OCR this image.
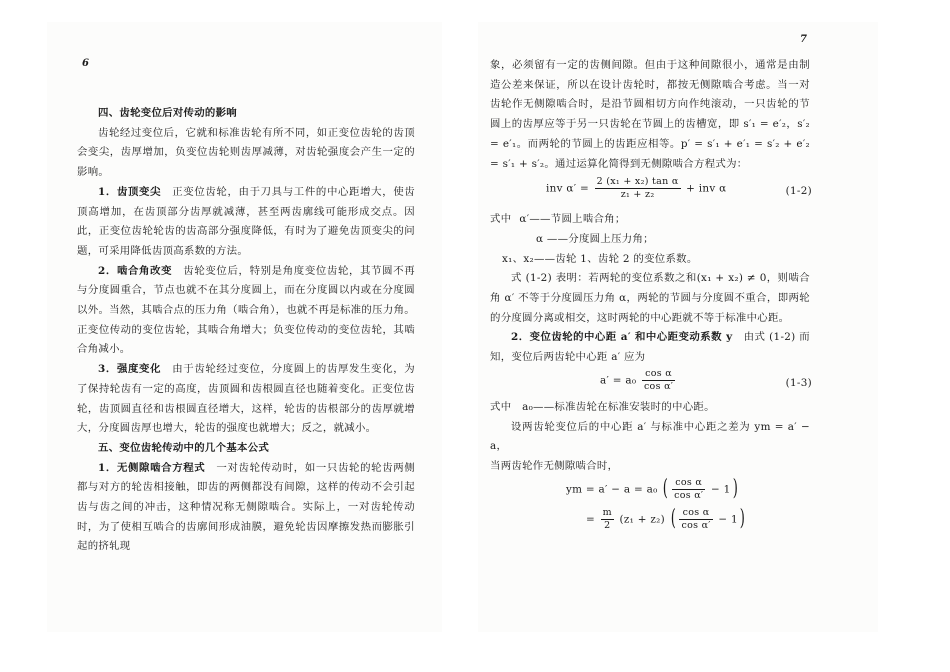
6

四、齿轮变位后对传动的影响

齿轮经过变位后，它就和标准齿轮有所不同，如正变位齿轮的齿顶会变尖，齿厚增加，负变位齿轮则齿厚减薄，对齿轮强度会产生一定的影响。

1．齿顶变尖　 正变位齿轮，由于刀具与工件的中心距增大，使齿顶高增加，在齿顶部分齿厚就减薄，甚至两齿廓线可能形成交点。因此，正变位齿轮轮齿的齿高部分强度降低，有时为了避免齿顶变尖的问题，可采用降低齿顶高系数的方法。

2．啮合角改变　 齿轮变位后，特别是角度变位齿轮，其节圆不再与分度圆重合，节点也就不在其分度圆上，而在分度圆以内或在分度圆以外。当然，其啮合点的压力角（啮合角），也就不再是标准的压力角。正变位传动的变位齿轮，其啮合角增大；负变位传动的变位齿轮，其啮合角减小。

3．强度变化　 由于齿轮经过变位，分度圆上的齿厚发生变化，为了保持轮齿有一定的高度，齿顶圆和齿根圆直径也随着变化。正变位齿轮，齿顶圆直径和齿根圆直径增大，这样，轮齿的齿根部分的齿厚就增大，分度圆齿厚也增大，轮齿的强度也就增大；反之，就减小。

五、变位齿轮传动中的几个基本公式

1．无侧隙啮合方程式　 一对齿轮传动时，如一只齿轮的轮齿两侧都与对方的轮齿相接触，即齿的两侧都没有间隙，这样的传动不会引起齿与齿之间的冲击，这种情况称无侧隙啮合。实际上，一对齿轮传动时，为了使相互啮合的齿廓间形成油膜，避免轮齿因摩擦发热而膨胀引起的挤轧现

7

象，必须留有一定的齿侧间隙。但由于这种间隙很小，通常是由制造公差来保证，所以在设计齿轮时，都按无侧隙啮合考虑。当一对齿轮作无侧隙啮合时，是沿节圆相切方向作纯滚动，一只齿轮的节圆上的齿厚应等于另一只齿轮在节圆上的齿槽宽，即 s′₁ = e′₂，s′₂ = e′₁。而两轮的节圆上的齿距应相等。p′ = s′₁ + e′₁ = s′₂ + e′₂ = s′₁ + s′₂。通过运算化简得到无侧隙啮合方程式为：

inv $\alpha' = \frac{\text{2 (x₁ + x₂) tan α}}{\text{z₁ + z₂}}$ + inv α	(1-2)

式中 α′——节圆上啮合角；

α ——分度圆上压力角；

x₁、x₂——齿轮 1、齿轮 2 的变位系数。

式 (1-2) 表明：若两轮的变位系数之和(x₁ + x₂) ≠ 0，则啮合角 α′ 不等于分度圆压力角 α，两轮的节圆与分度圆不重合，即两轮的分度圆分离或相交，这时两轮的中心距就不等于标准中心距。

2．变位齿轮的中心距 a′ 和中心距变动系数 y　 由式 (1-2) 而知，变位后两齿轮中心距 a′ 应为

$a' = a_0 \frac{\text{cos α}}{\text{cos α′}}$	(1-3)

式中　a₀——标准齿轮在标准安装时的中心距。

设两齿轮变位后的中心距 a′ 与标准中心距之差为 ym = a′ − a，

当两齿轮作无侧隙啮合时，

ym = a′ − a = a₀ ( $\frac{\text{cos α}}{\text{cos α′}} - 1$)
= $\frac{m}{2} (z_1 + z_2)$ ( $\frac{\text{cos α}}{\text{cos α′}} - 1$)
